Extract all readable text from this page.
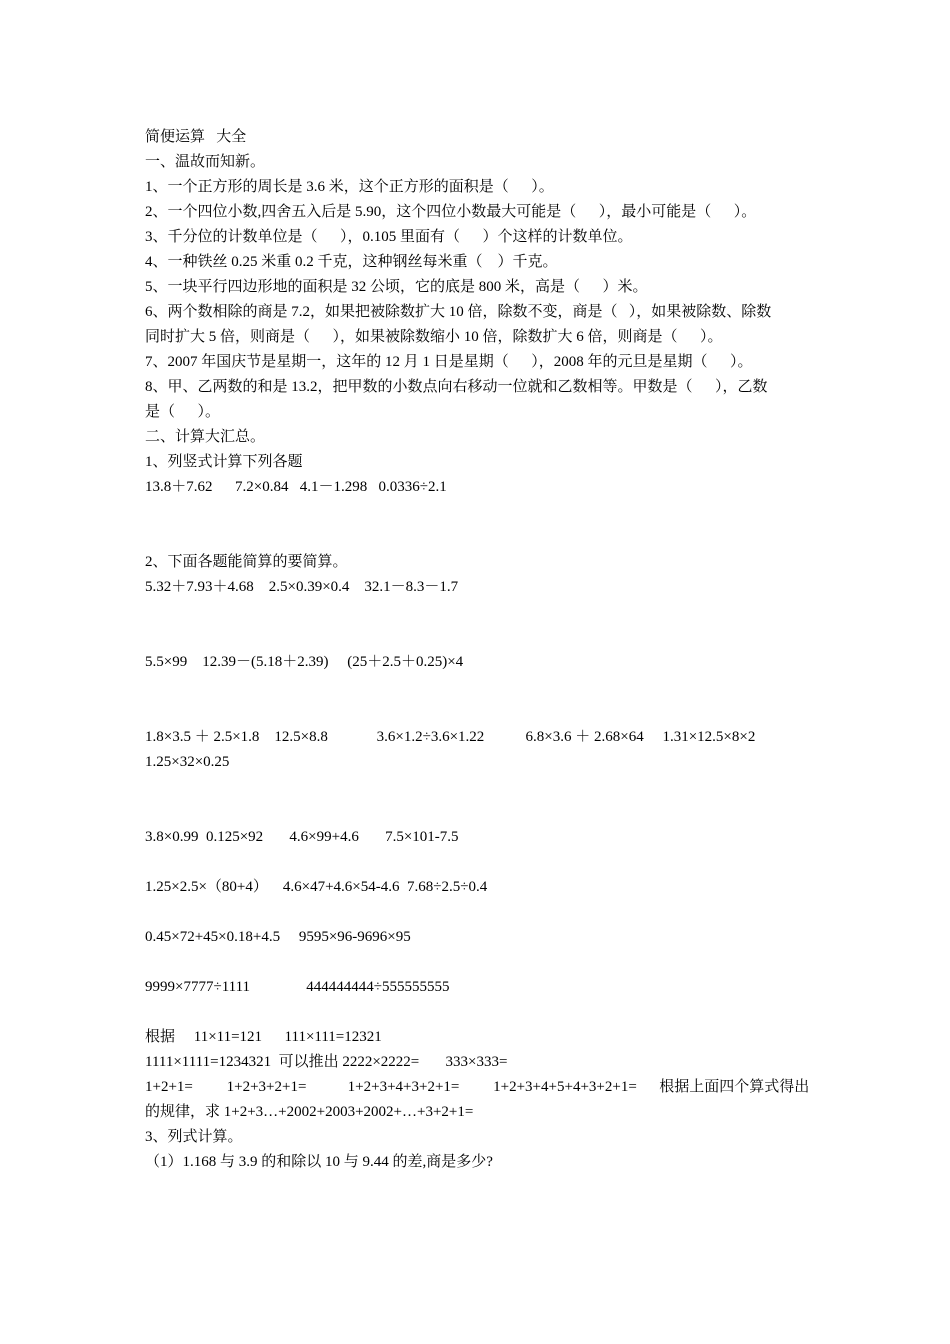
简便运算   大全
一、温故而知新。
1、一个正方形的周长是 3.6 米，这个正方形的面积是（      ）。
2、一个四位小数,四舍五入后是 5.90，这个四位小数最大可能是（      ），最小可能是（      ）。
3、千分位的计数单位是（      ），0.105 里面有（      ）个这样的计数单位。
4、一种铁丝 0.25 米重 0.2 千克，这种钢丝每米重（    ）千克。
5、一块平行四边形地的面积是 32 公顷，它的底是 800 米，高是（      ）米。
6、两个数相除的商是 7.2，如果把被除数扩大 10 倍，除数不变，商是（   ），如果被除数、除数
同时扩大 5 倍，则商是（      ），如果被除数缩小 10 倍，除数扩大 6 倍，则商是（      ）。
7、2007 年国庆节是星期一，这年的 12 月 1 日是星期（      ），2008 年的元旦是星期（      ）。
8、甲、乙两数的和是 13.2，把甲数的小数点向右移动一位就和乙数相等。甲数是（      ），乙数
是（      ）。
二、计算大汇总。
1、列竖式计算下列各题
13.8＋7.62      7.2×0.84   4.1－1.298   0.0336÷2.1
2、下面各题能简算的要简算。
5.32＋7.93＋4.68    2.5×0.39×0.4    32.1－8.3－1.7
5.5×99    12.39－(5.18＋2.39)     (25＋2.5＋0.25)×4
1.8×3.5 ＋ 2.5×1.8    12.5×8.8             3.6×1.2÷3.6×1.22           6.8×3.6 ＋ 2.68×64     1.31×12.5×8×2
1.25×32×0.25
3.8×0.99  0.125×92       4.6×99+4.6       7.5×101-7.5
1.25×2.5×（80+4）    4.6×47+4.6×54-4.6  7.68÷2.5÷0.4
0.45×72+45×0.18+4.5     9595×96-9696×95
9999×7777÷1111               444444444÷555555555
根据     11×11=121      111×111=12321
1111×1111=1234321  可以推出 2222×2222=       333×333=
1+2+1=         1+2+3+2+1=           1+2+3+4+3+2+1=         1+2+3+4+5+4+3+2+1=      根据上面四个算式得出的规律，求 1+2+3…+2002+2003+2002+…+3+2+1=
3、列式计算。
（1）1.168 与 3.9 的和除以 10 与 9.44 的差,商是多少?
